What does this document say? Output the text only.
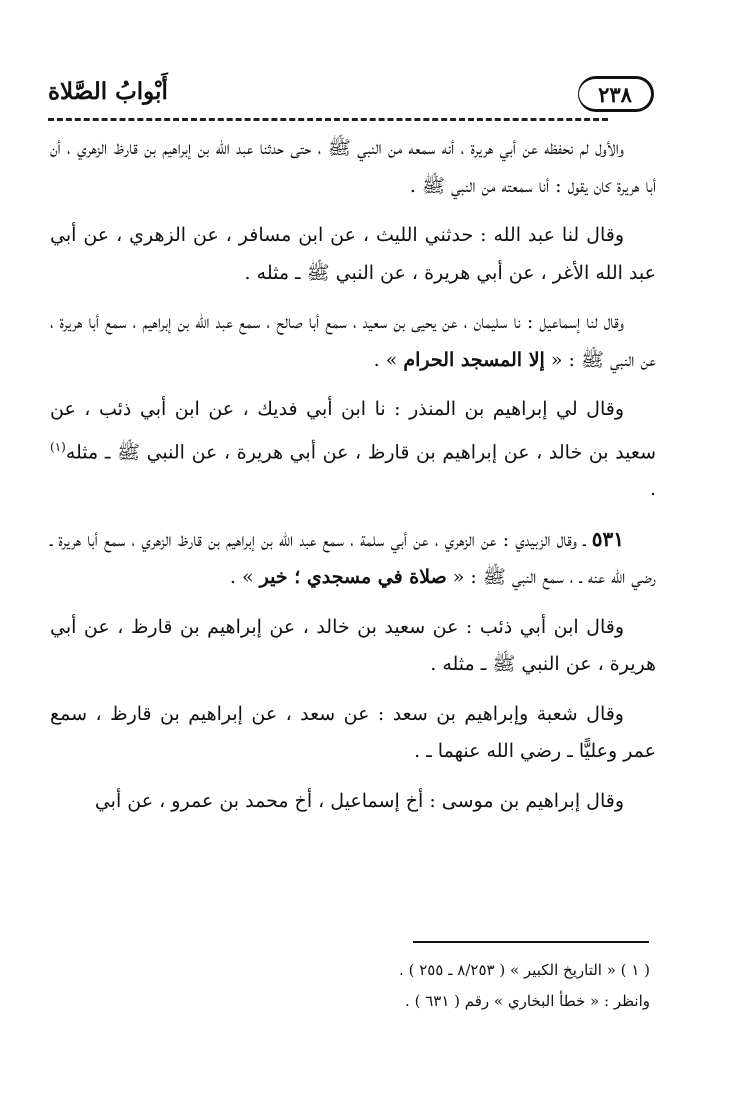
٢٣٨
أَبْوابُ الصَّلاة

والأول لم نحفظه عن أبي هريرة ، أنه سمعه من النبي ﷺ ، حتى حدثنا عبد الله بن إبراهيم بن قارظ الزهري ، أن أبا هريرة كان يقول : أنا سمعته من النبي ﷺ .

وقال لنا عبد الله : حدثني الليث ، عن ابن مسافر ، عن الزهري ، عن أبي عبد الله الأغر ، عن أبي هريرة ، عن النبي ﷺ ـ مثله .

وقال لنا إسماعيل : نا سليمان ، عن يحيى بن سعيد ، سمع أبا صالح ، سمع عبد الله بن إبراهيم ، سمع أبا هريرة ، عن النبي ﷺ : « إلا المسجد الحرام » .

وقال لي إبراهيم بن المنذر : نا ابن أبي فديك ، عن ابن أبي ذئب ، عن سعيد بن خالد ، عن إبراهيم بن قارظ ، عن أبي هريرة ، عن النبي ﷺ ـ مثله$^{(١)}$ .

٥٣١ ـ وقال الزبيدي : عن الزهري ، عن أبي سلمة ، سمع عبد الله بن إبراهيم بن قارظ الزهري ، سمع أبا هريرة ـ رضي الله عنه ـ ، سمع النبي ﷺ : « صلاة في مسجدي ؛ خير » .

وقال ابن أبي ذئب : عن سعيد بن خالد ، عن إبراهيم بن قارظ ، عن أبي هريرة ، عن النبي ﷺ ـ مثله .

وقال شعبة وإبراهيم بن سعد : عن سعد ، عن إبراهيم بن قارظ ، سمع عمر وعليًّا ـ رضي الله عنهما ـ .

وقال إبراهيم بن موسى : أخ إسماعيل ، أخ محمد بن عمرو ، عن أبي

( ١ ) « التاريخ الكبير » ( ٨/٢٥٣ ـ ٢٥٥ ) .

وانظر : « خطأ البخاري » رقم ( ٦٣١ ) .
